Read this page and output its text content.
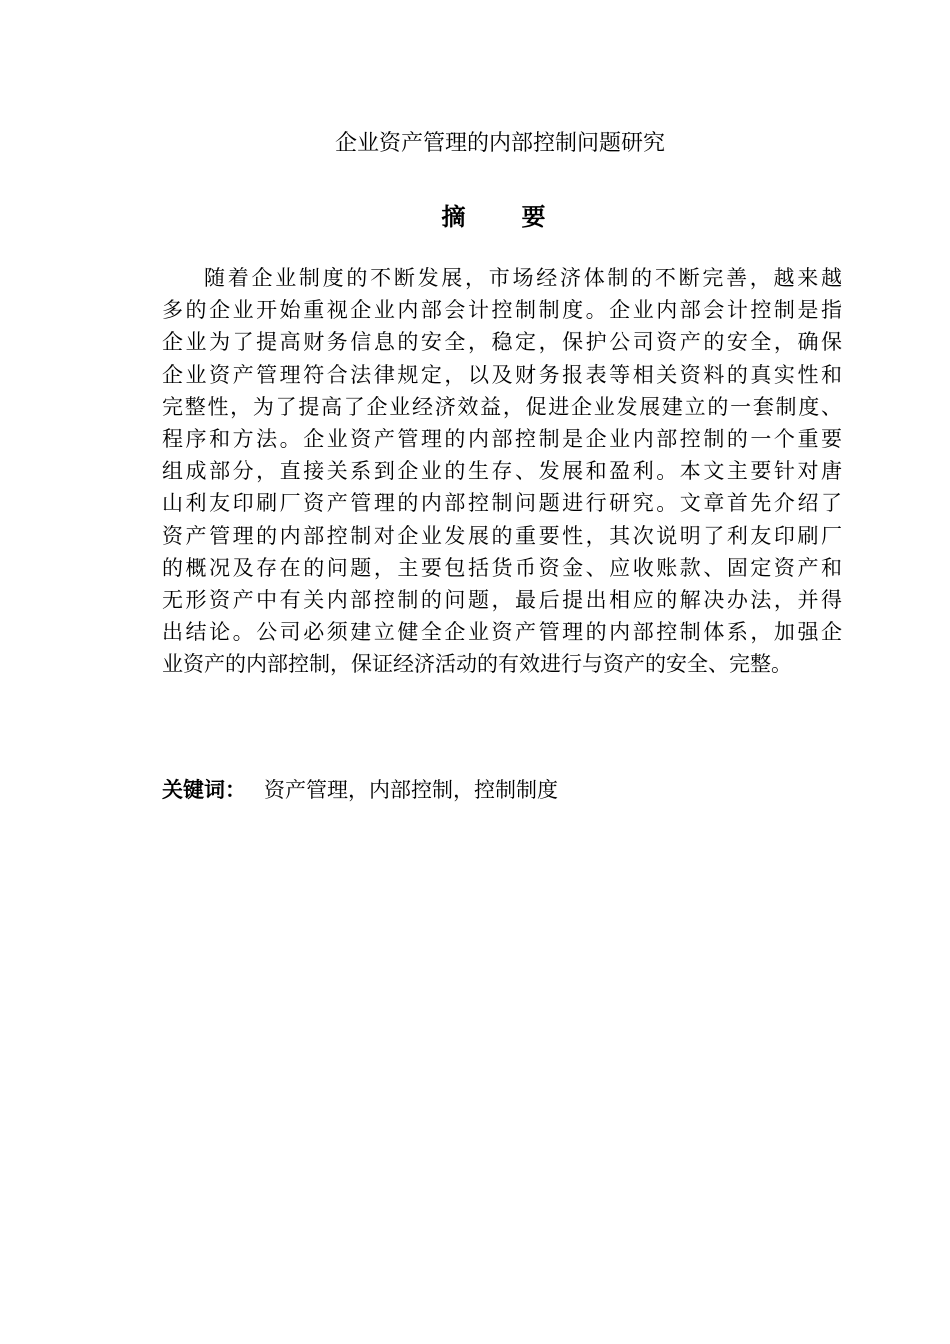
企业资产管理的内部控制问题研究
摘 要
随着企业制度的不断发展，市场经济体制的不断完善，越来越
多的企业开始重视企业内部会计控制制度。企业内部会计控制是指
企业为了提高财务信息的安全，稳定，保护公司资产的安全，确保
企业资产管理符合法律规定，以及财务报表等相关资料的真实性和
完整性，为了提高了企业经济效益，促进企业发展建立的一套制度、
程序和方法。企业资产管理的内部控制是企业内部控制的一个重要
组成部分，直接关系到企业的生存、发展和盈利。本文主要针对唐
山利友印刷厂资产管理的内部控制问题进行研究。文章首先介绍了
资产管理的内部控制对企业发展的重要性，其次说明了利友印刷厂
的概况及存在的问题，主要包括货币资金、应收账款、固定资产和
无形资产中有关内部控制的问题，最后提出相应的解决办法，并得
出结论。公司必须建立健全企业资产管理的内部控制体系，加强企
业资产的内部控制，保证经济活动的有效进行与资产的安全、完整。
关键词： 资产管理，内部控制，控制制度
